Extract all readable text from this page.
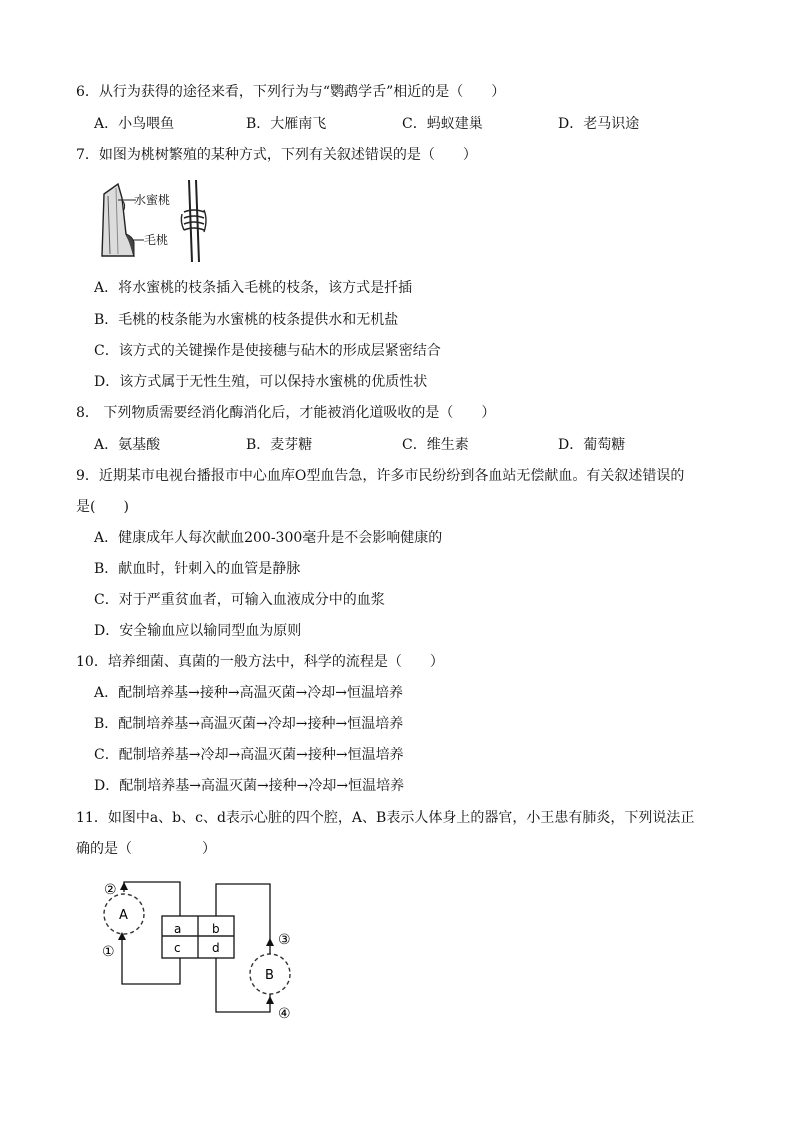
6．从行为获得的途径来看，下列行为与“鹦鹉学舌”相近的是（　　）
A．小鸟喂鱼	B．大雁南飞	C．蚂蚁建巢	D．老马识途
7．如图为桃树繁殖的某种方式，下列有关叙述错误的是（　　）
水蜜桃
毛桃
A．将水蜜桃的枝条插入毛桃的枝条，该方式是扦插
B．毛桃的枝条能为水蜜桃的枝条提供水和无机盐
C．该方式的关键操作是使接穗与砧木的形成层紧密结合
D．该方式属于无性生殖，可以保持水蜜桃的优质性状
8． 下列物质需要经消化酶消化后，才能被消化道吸收的是（　　）
A．氨基酸	B．麦芽糖	C．维生素	D．葡萄糖
9．近期某市电视台播报市中心血库O型血告急，许多市民纷纷到各血站无偿献血。有关叙述错误的
是(　　)
A．健康成年人每次献血200-300毫升是不会影响健康的
B．献血时，针刺入的血管是静脉
C．对于严重贫血者，可输入血液成分中的血浆
D．安全输血应以输同型血为原则
10．培养细菌、真菌的一般方法中，科学的流程是（　　）
A．配制培养基→接种→高温灭菌→冷却→恒温培养
B．配制培养基→高温灭菌→冷却→接种→恒温培养
C．配制培养基→冷却→高温灭菌→接种→恒温培养
D．配制培养基→高温灭菌→接种→冷却→恒温培养
11．如图中a、b、c、d表示心脏的四个腔，A、B表示人体身上的器官，小王患有肺炎，下列说法正
确的是（　　　　　）
A
B
a	b
c	d
②
①
③
④
